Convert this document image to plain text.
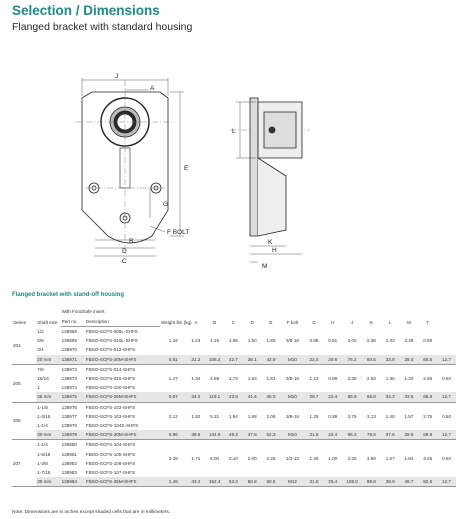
Selection / Dimensions
Flanged bracket with standard housing
J
A
E
G
B
D
C
F BOLT
L
K
H
M
Flanged bracket with stand-off housing
Series	Shaft size	With FoodSafe insert		Weight lbs (kg)	A	B	C	D	E	F bolt	G	H	J	K	L	M	T	
		Part no.	Description															
204	1/2	138968	FBSO-SCFS-008L-SHFS	1.34	1.23	4.19	1.68	1.50	1.69	3/8-16	0.88	0.81	3.00	2.38	1.33	2.38	0.50	
	5/8	138969	FBSO-SCFS-010L-SHFS															
	3/4	138970	FBSO-SCFS-012-SHFS															
	20 mm	138971	FBSO-SCFS-20M-SHFS	0.61	31.2	106.4	42.7	38.1	42.9	M10	22.4	20.6	76.2	60.5	33.8	28.4	60.5	12.7
205	7/8	138972	FBSO-SCFS-014-SHFS	1.47	1.34	4.69	1.73	1.63	1.81	3/8-16	1.13	0.88	3.38	2.63	1.35	1.32	2.56	0.50
	15/16	138973	FBSO-SCFS-015-SHFS															
	1	138974	FBSO-SCFS-100-SHFS															
	25 mm	138975	FBSO-SCFS-25M-SHFS	0.67	34.0	119.1	43.9	41.4	46.0	M10	28.7	22.4	85.9	66.8	34.3	33.5	65.0	12.7
206	1-1/8	138976	FBSO-SCFS-102-SHFS	2.12	1.52	5.31	1.94	1.88	2.06	3/8-16	1.25	0.88	3.75	3.13	1.48	1.57	2.75	0.50
	1-3/16	138977	FBSO-SCFS-103-SHFS															
	1-1/4	138978	FBSO-SCFS-104S-SHFS															
	30 mm	138979	FBSO-SCFS-30M-SHFS	0.96	38.6	134.9	49.3	47.8	52.3	M10	31.8	22.4	95.3	79.5	37.6	39.9	69.9	12.7
207	1-1/4	138980	FBSO-SCFS-104-SHFS	3.29	1.71	6.00	2.10	2.00	2.28	1/2-13	1.25	1.00	4.25	3.50	1.57	1.84	3.25	0.50
	1-5/16	138981	FBSO-SCFS-105-SHFS															
	1-3/8	138982	FBSO-SCFS-106-SHFS															
	1-7/16	138983	FBSO-SCFS-107-SHFS															
	35 mm	138984	FBSO-SCFS-35M-SHFS	1.49	43.4	152.4	53.3	50.8	60.5	M12	31.8	25.4	108.0	88.9	39.9	46.7	82.6	12.7
Note: Dimensions are in inches except shaded cells that are in millimeters.
